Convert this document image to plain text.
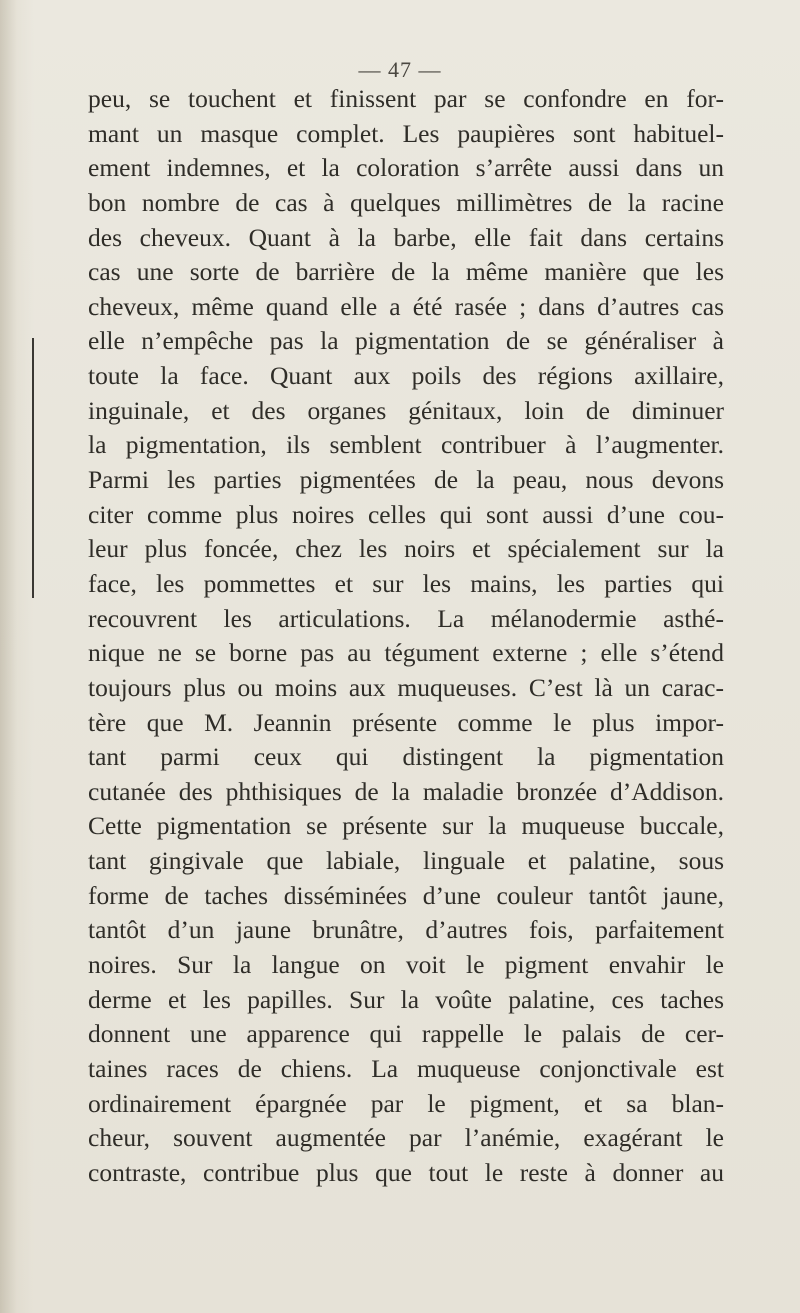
— 47 —
peu, se touchent et finissent par se confondre en for-
mant un masque complet. Les paupières sont habituel-
ement indemnes, et la coloration s’arrête aussi dans un
bon nombre de cas à quelques millimètres de la racine
des cheveux. Quant à la barbe, elle fait dans certains
cas une sorte de barrière de la même manière que les
cheveux, même quand elle a été rasée ; dans d’autres cas
elle n’empêche pas la pigmentation de se généraliser à
toute la face. Quant aux poils des régions axillaire,
inguinale, et des organes génitaux, loin de diminuer
la pigmentation, ils semblent contribuer à l’augmenter.
Parmi les parties pigmentées de la peau, nous devons
citer comme plus noires celles qui sont aussi d’une cou-
leur plus foncée, chez les noirs et spécialement sur la
face, les pommettes et sur les mains, les parties qui
recouvrent les articulations. La mélanodermie asthé-
nique ne se borne pas au tégument externe ; elle s’étend
toujours plus ou moins aux muqueuses. C’est là un carac-
tère que M. Jeannin présente comme le plus impor-
tant parmi ceux qui distingent la pigmentation
cutanée des phthisiques de la maladie bronzée d’Addison.
Cette pigmentation se présente sur la muqueuse buccale,
tant gingivale que labiale, linguale et palatine, sous
forme de taches disséminées d’une couleur tantôt jaune,
tantôt d’un jaune brunâtre, d’autres fois, parfaitement
noires. Sur la langue on voit le pigment envahir le
derme et les papilles. Sur la voûte palatine, ces taches
donnent une apparence qui rappelle le palais de cer-
taines races de chiens. La muqueuse conjonctivale est
ordinairement épargnée par le pigment, et sa blan-
cheur, souvent augmentée par l’anémie, exagérant le
contraste, contribue plus que tout le reste à donner au
